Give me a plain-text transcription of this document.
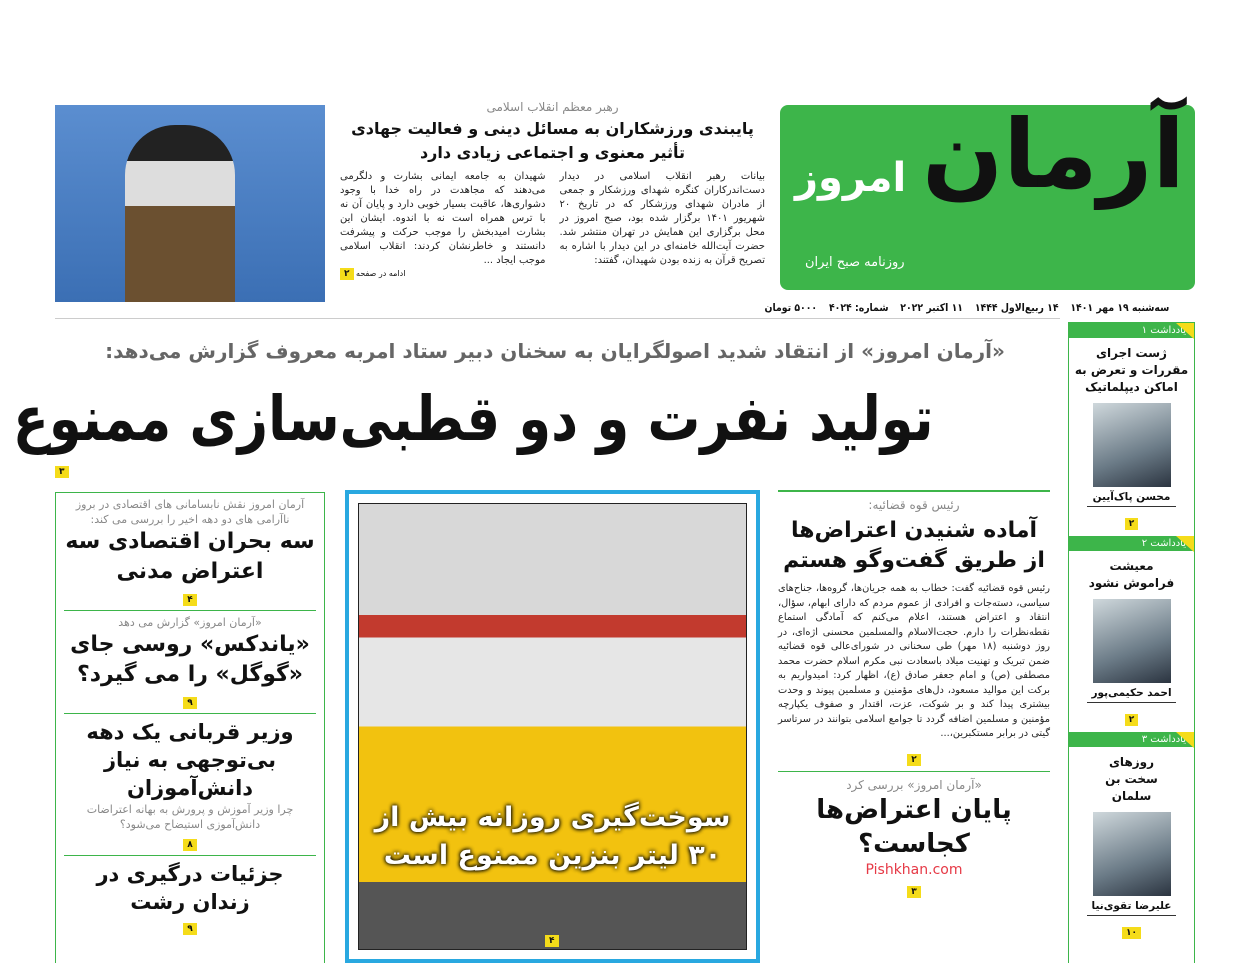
آرمان
امروز
روزنامه صبح ایران
سه‌شنبه ۱۹ مهر ۱۴۰۱  ۱۴ ربیع‌الاول ۱۴۴۴  ۱۱ اکتبر ۲۰۲۲  شماره: ۴۰۲۴  ۵۰۰۰ تومان
رهبر معظم انقلاب اسلامی
پایبندی ورزشکاران به مسائل دینی و فعالیت جهادی تأثیر معنوی و اجتماعی زیادی دارد
بیانات رهبر انقلاب اسلامی در دیدار دست‌اندرکاران کنگره شهدای ورزشکار و جمعی از مادران شهدای ورزشکار که در تاریخ ۲۰ شهریور ۱۴۰۱ برگزار شده بود، صبح امروز در محل برگزاری این همایش در تهران منتشر شد. حضرت آیت‌الله خامنه‌ای در این دیدار با اشاره به تصریح قرآن به زنده بودن شهیدان، گفتند:
شهیدان به جامعه ایمانی بشارت و دلگرمی می‌دهند که مجاهدت در راه خدا با وجود دشواری‌ها، عاقبت بسیار خوبی دارد و پایان آن نه با ترس همراه است نه با اندوه. ایشان این بشارت امیدبخش را موجب حرکت و پیشرفت دانستند و خاطرنشان کردند: انقلاب اسلامی موجب ایجاد ...
ادامه در صفحه ۲
«آرمان امروز» از انتقاد شدید اصولگرایان به سخنان دبیر ستاد امربه معروف گزارش می‌دهد:
تولید نفرت و دو قطبی‌سازی ممنوع
۳
آرمان امروز نقش نابسامانی های اقتصادی در بروز ناآرامی های دو دهه اخیر را بررسی می کند:
سه بحران اقتصادی سه اعتراض مدنی
۴
«آرمان امروز» گزارش می دهد
«یاندکس» روسی جای «گوگل» را می گیرد؟
۹
وزیر قربانی یک دهه بی‌توجهی به نیاز دانش‌آموزان
چرا وزیر آموزش و پرورش به بهانه اعتراضات دانش‌آموزی استیضاح می‌شود؟
۸
جزئیات درگیری در زندان رشت
۹
سوخت‌گیری روزانه بیش از ۳۰ لیتر بنزین ممنوع است
۴
رئیس قوه قضائیه:
آماده شنیدن اعتراض‌ها از طریق گفت‌وگو هستم
رئیس قوه قضائیه گفت: خطاب به همه جریان‌ها، گروه‌ها، جناح‌های سیاسی، دسته‌جات و افرادی از عموم مردم که دارای ابهام، سؤال، انتقاد و اعتراض هستند، اعلام می‌کنم که آمادگی استماع نقطه‌نظرات را دارم. حجت‌الاسلام والمسلمین محسنی اژه‌ای، در روز دوشنبه (۱۸ مهر) طی سخنانی در شورای‌عالی قوه قضائیه ضمن تبریک و تهنیت میلاد باسعادت نبی مکرم اسلام حضرت محمد مصطفی (ص) و امام جعفر صادق (ع)، اظهار کرد: امیدواریم به برکت این موالید مسعود، دل‌های مؤمنین و مسلمین پیوند و وحدت بیشتری پیدا کند و بر شوکت، عزت، اقتدار و صفوف یکپارچه مؤمنین و مسلمین اضافه گردد تا جوامع اسلامی بتوانند در سرتاسر گیتی در برابر مستکبرین،...
۲
«آرمان امروز» بررسی کرد
پایان اعتراض‌ها کجاست؟
Pishkhan.com
۳
یادداشت ۱
ژست اجرای مقررات و تعرض به اماکن دیپلماتیک
محسن پاک‌آیین
۲
یادداشت ۲
معیشت فراموش نشود
احمد حکیمی‌پور
۲
یادداشت ۳
روزهای سخت بن سلمان
علیرضا تقوی‌نیا
۱۰
